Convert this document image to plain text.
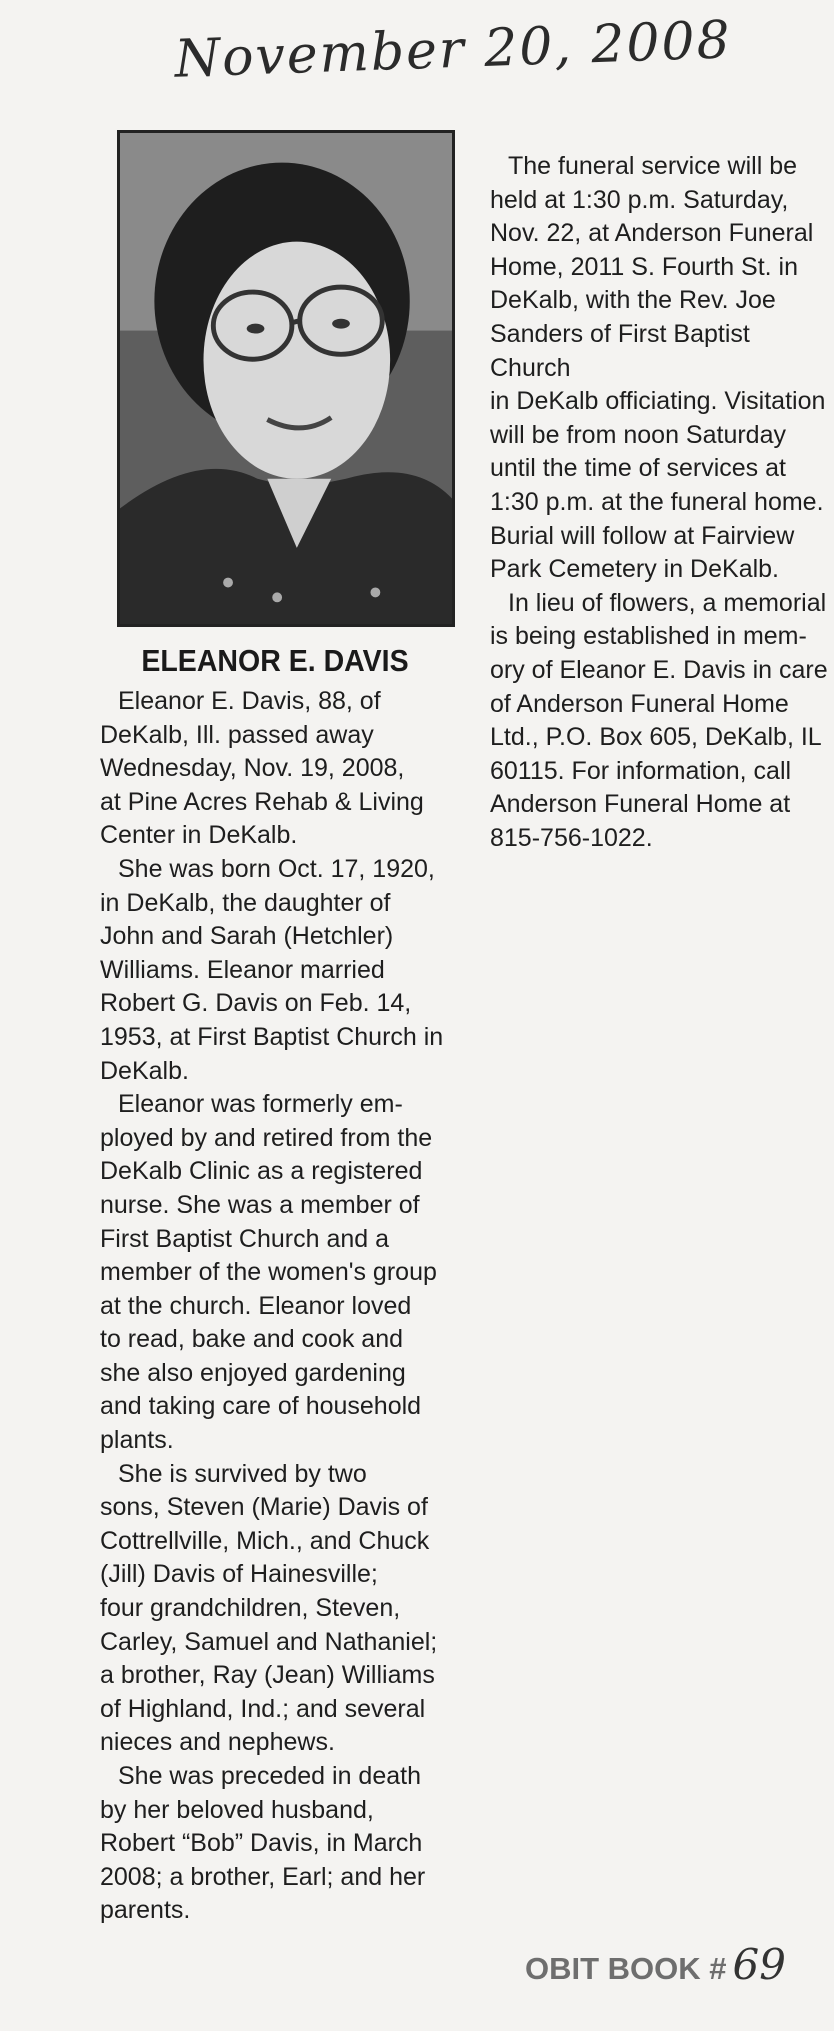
November 20, 2008
ELEANOR E. DAVIS

Eleanor E. Davis, 88, of
DeKalb, Ill. passed away
Wednesday, Nov. 19, 2008,
at Pine Acres Rehab & Living
Center in DeKalb.

She was born Oct. 17, 1920,
in DeKalb, the daughter of
John and Sarah (Hetchler)
Williams. Eleanor married
Robert G. Davis on Feb. 14,
1953, at First Baptist Church in
DeKalb.

Eleanor was formerly em-
ployed by and retired from the
DeKalb Clinic as a registered
nurse. She was a member of
First Baptist Church and a
member of the women's group
at the church. Eleanor loved
to read, bake and cook and
she also enjoyed gardening
and taking care of household
plants.

She is survived by two
sons, Steven (Marie) Davis of
Cottrellville, Mich., and Chuck
(Jill) Davis of Hainesville;
four grandchildren, Steven,
Carley, Samuel and Nathaniel;
a brother, Ray (Jean) Williams
of Highland, Ind.; and several
nieces and nephews.

She was preceded in death
by her beloved husband,
Robert “Bob” Davis, in March
2008; a brother, Earl; and her
parents.

The funeral service will be
held at 1:30 p.m. Saturday,
Nov. 22, at Anderson Funeral
Home, 2011 S. Fourth St. in
DeKalb, with the Rev. Joe
Sanders of First Baptist Church
in DeKalb officiating. Visitation
will be from noon Saturday
until the time of services at
1:30 p.m. at the funeral home.
Burial will follow at Fairview
Park Cemetery in DeKalb.

In lieu of flowers, a memorial
is being established in mem-
ory of Eleanor E. Davis in care
of Anderson Funeral Home
Ltd., P.O. Box 605, DeKalb, IL
60115. For information, call
Anderson Funeral Home at
815-756-1022.

OBIT BOOK # 69
